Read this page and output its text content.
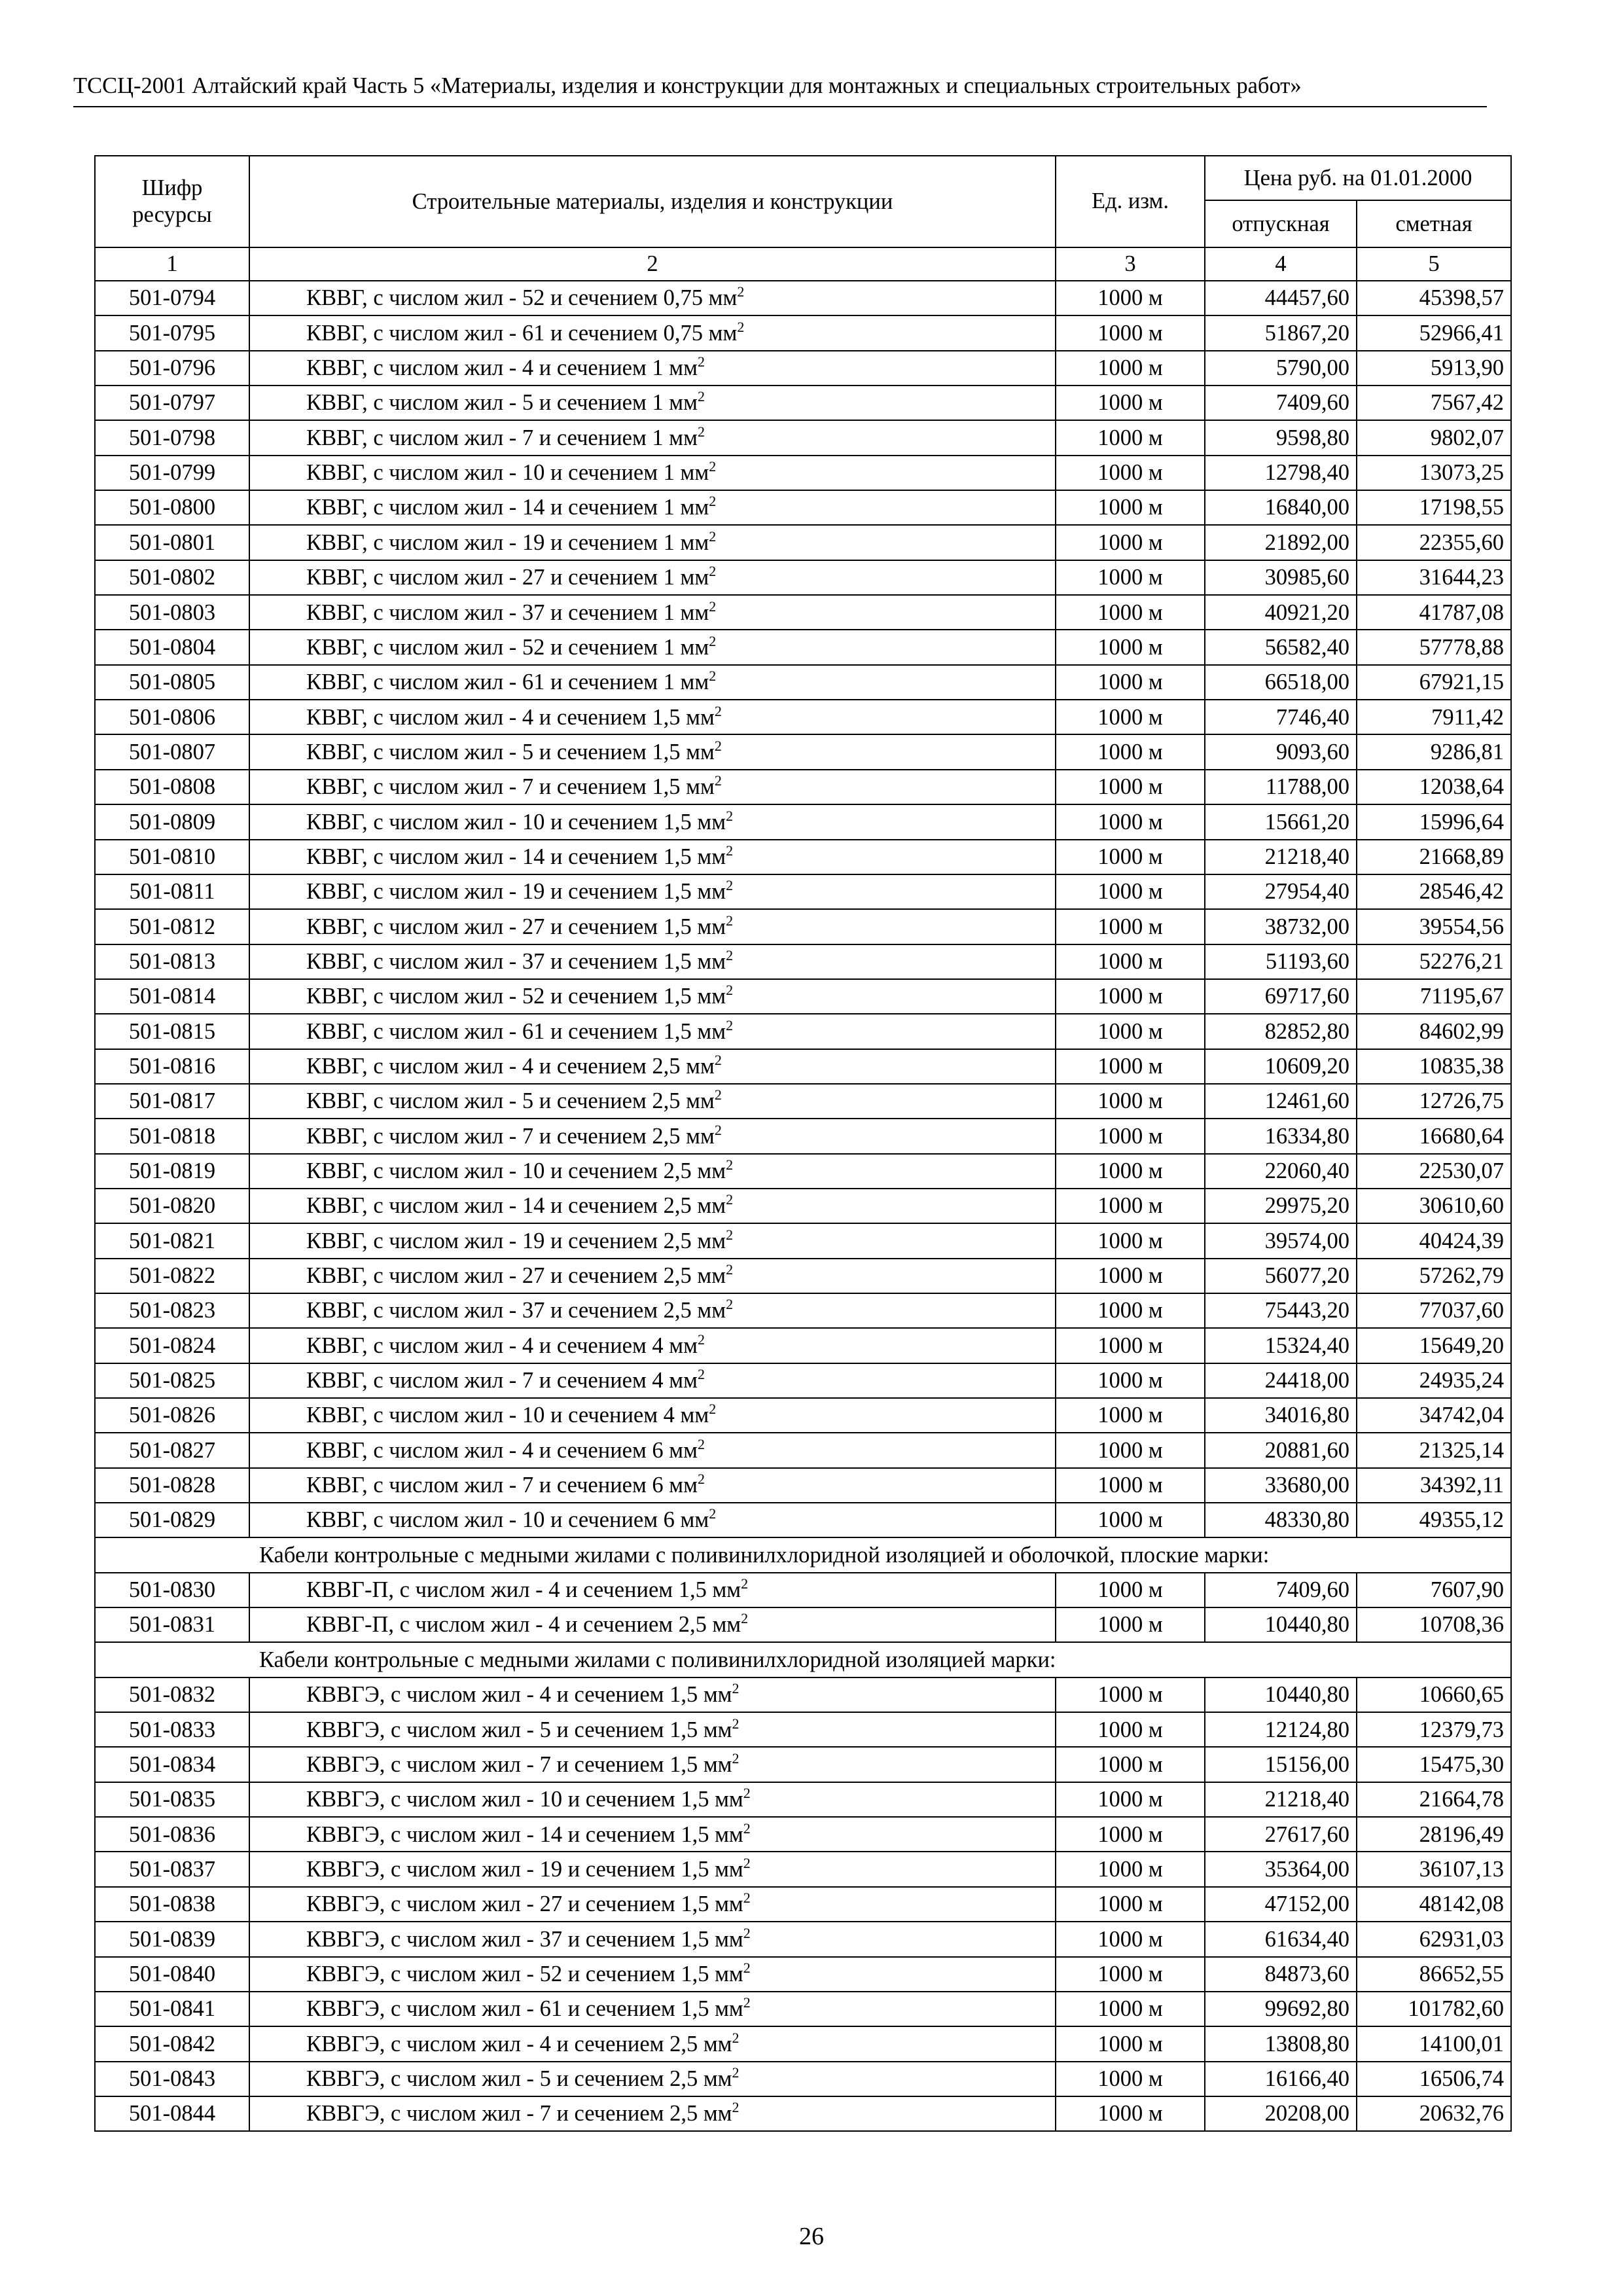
ТССЦ-2001 Алтайский край Часть 5 «Материалы, изделия и конструкции для монтажных и специальных строительных работ»
Шифр ресурсы	Строительные материалы, изделия и конструкции	Ед. изм.	Цена руб. на 01.01.2000	
			отпускная	сметная
1	2	3	4	5
501-0794	КВВГ, с числом жил - 52 и сечением 0,75 $мм^2$	1000 м	44457,60	45398,57
501-0795	КВВГ, с числом жил - 61 и сечением 0,75 $мм^2$	1000 м	51867,20	52966,41
501-0796	КВВГ, с числом жил - 4 и сечением 1 $мм^2$	1000 м	5790,00	5913,90
501-0797	КВВГ, с числом жил - 5 и сечением 1 $мм^2$	1000 м	7409,60	7567,42
501-0798	КВВГ, с числом жил - 7 и сечением 1 $мм^2$	1000 м	9598,80	9802,07
501-0799	КВВГ, с числом жил - 10 и сечением 1 $мм^2$	1000 м	12798,40	13073,25
501-0800	КВВГ, с числом жил - 14 и сечением 1 $мм^2$	1000 м	16840,00	17198,55
501-0801	КВВГ, с числом жил - 19 и сечением 1 $мм^2$	1000 м	21892,00	22355,60
501-0802	КВВГ, с числом жил - 27 и сечением 1 $мм^2$	1000 м	30985,60	31644,23
501-0803	КВВГ, с числом жил - 37 и сечением 1 $мм^2$	1000 м	40921,20	41787,08
501-0804	КВВГ, с числом жил - 52 и сечением 1 $мм^2$	1000 м	56582,40	57778,88
501-0805	КВВГ, с числом жил - 61 и сечением 1 $мм^2$	1000 м	66518,00	67921,15
501-0806	КВВГ, с числом жил - 4 и сечением 1,5 $мм^2$	1000 м	7746,40	7911,42
501-0807	КВВГ, с числом жил - 5 и сечением 1,5 $мм^2$	1000 м	9093,60	9286,81
501-0808	КВВГ, с числом жил - 7 и сечением 1,5 $мм^2$	1000 м	11788,00	12038,64
501-0809	КВВГ, с числом жил - 10 и сечением 1,5 $мм^2$	1000 м	15661,20	15996,64
501-0810	КВВГ, с числом жил - 14 и сечением 1,5 $мм^2$	1000 м	21218,40	21668,89
501-0811	КВВГ, с числом жил - 19 и сечением 1,5 $мм^2$	1000 м	27954,40	28546,42
501-0812	КВВГ, с числом жил - 27 и сечением 1,5 $мм^2$	1000 м	38732,00	39554,56
501-0813	КВВГ, с числом жил - 37 и сечением 1,5 $мм^2$	1000 м	51193,60	52276,21
501-0814	КВВГ, с числом жил - 52 и сечением 1,5 $мм^2$	1000 м	69717,60	71195,67
501-0815	КВВГ, с числом жил - 61 и сечением 1,5 $мм^2$	1000 м	82852,80	84602,99
501-0816	КВВГ, с числом жил - 4 и сечением 2,5 $мм^2$	1000 м	10609,20	10835,38
501-0817	КВВГ, с числом жил - 5 и сечением 2,5 $мм^2$	1000 м	12461,60	12726,75
501-0818	КВВГ, с числом жил - 7 и сечением 2,5 $мм^2$	1000 м	16334,80	16680,64
501-0819	КВВГ, с числом жил - 10 и сечением 2,5 $мм^2$	1000 м	22060,40	22530,07
501-0820	КВВГ, с числом жил - 14 и сечением 2,5 $мм^2$	1000 м	29975,20	30610,60
501-0821	КВВГ, с числом жил - 19 и сечением 2,5 $мм^2$	1000 м	39574,00	40424,39
501-0822	КВВГ, с числом жил - 27 и сечением 2,5 $мм^2$	1000 м	56077,20	57262,79
501-0823	КВВГ, с числом жил - 37 и сечением 2,5 $мм^2$	1000 м	75443,20	77037,60
501-0824	КВВГ, с числом жил - 4 и сечением 4 $мм^2$	1000 м	15324,40	15649,20
501-0825	КВВГ, с числом жил - 7 и сечением 4 $мм^2$	1000 м	24418,00	24935,24
501-0826	КВВГ, с числом жил - 10 и сечением 4 $мм^2$	1000 м	34016,80	34742,04
501-0827	КВВГ, с числом жил - 4 и сечением 6 $мм^2$	1000 м	20881,60	21325,14
501-0828	КВВГ, с числом жил - 7 и сечением 6 $мм^2$	1000 м	33680,00	34392,11
501-0829	КВВГ, с числом жил - 10 и сечением 6 $мм^2$	1000 м	48330,80	49355,12
Кабели контрольные с медными жилами с поливинилхлоридной изоляцией и оболочкой, плоские марки:				
501-0830	КВВГ-П, с числом жил - 4 и сечением 1,5 $мм^2$	1000 м	7409,60	7607,90
501-0831	КВВГ-П, с числом жил - 4 и сечением 2,5 $мм^2$	1000 м	10440,80	10708,36
Кабели контрольные с медными жилами с поливинилхлоридной изоляцией марки:				
501-0832	КВВГЭ, с числом жил - 4 и сечением 1,5 $мм^2$	1000 м	10440,80	10660,65
501-0833	КВВГЭ, с числом жил - 5 и сечением 1,5 $мм^2$	1000 м	12124,80	12379,73
501-0834	КВВГЭ, с числом жил - 7 и сечением 1,5 $мм^2$	1000 м	15156,00	15475,30
501-0835	КВВГЭ, с числом жил - 10 и сечением 1,5 $мм^2$	1000 м	21218,40	21664,78
501-0836	КВВГЭ, с числом жил - 14 и сечением 1,5 $мм^2$	1000 м	27617,60	28196,49
501-0837	КВВГЭ, с числом жил - 19 и сечением 1,5 $мм^2$	1000 м	35364,00	36107,13
501-0838	КВВГЭ, с числом жил - 27 и сечением 1,5 $мм^2$	1000 м	47152,00	48142,08
501-0839	КВВГЭ, с числом жил - 37 и сечением 1,5 $мм^2$	1000 м	61634,40	62931,03
501-0840	КВВГЭ, с числом жил - 52 и сечением 1,5 $мм^2$	1000 м	84873,60	86652,55
501-0841	КВВГЭ, с числом жил - 61 и сечением 1,5 $мм^2$	1000 м	99692,80	101782,60
501-0842	КВВГЭ, с числом жил - 4 и сечением 2,5 $мм^2$	1000 м	13808,80	14100,01
501-0843	КВВГЭ, с числом жил - 5 и сечением 2,5 $мм^2$	1000 м	16166,40	16506,74
501-0844	КВВГЭ, с числом жил - 7 и сечением 2,5 $мм^2$	1000 м	20208,00	20632,76
26
